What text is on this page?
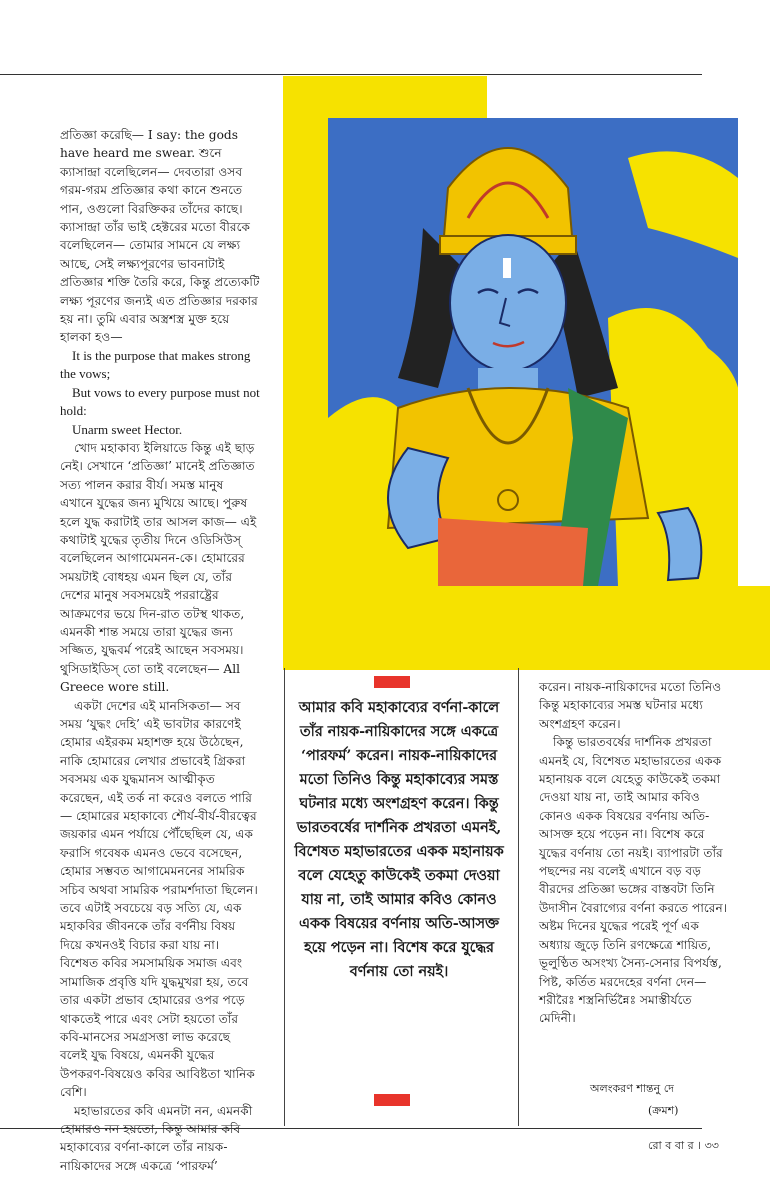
প্রতিজ্ঞা করেছি— I say: the gods have heard me swear. শুনে ক্যাসান্দ্রা বলেছিলেন— দেবতারা ওসব গরম-গরম প্রতিজ্ঞার কথা কানে শুনতে পান, ওগুলো বিরক্তিকর তাঁদের কাছে। ক্যাসান্দ্রা তাঁর ভাই হেক্টরের মতো বীরকে বলেছিলেন— তোমার সামনে যে লক্ষ্য আছে, সেই লক্ষ্যপূরণের ভাবনাটাই প্রতিজ্ঞার শক্তি তৈরি করে, কিন্তু প্রত্যেকটি লক্ষ্য পূরণের জন্যই এত প্রতিজ্ঞার দরকার হয় না। তুমি এবার অস্ত্রশস্ত্র মুক্ত হয়ে হালকা হও—

It is the purpose that makes strong the vows;

But vows to every purpose must not hold:

Unarm sweet Hector.

খোদ মহাকাব্য ইলিয়াডে কিন্তু এই ছাড় নেই। সেখানে ‘প্রতিজ্ঞা’ মানেই প্রতিজ্ঞাত সত্য পালন করার বীর্য। সমস্ত মানুষ এখানে যুদ্ধের জন্য মুখিয়ে আছে। পুরুষ হলে যুদ্ধ করাটাই তার আসল কাজ— এই কথাটাই যুদ্ধের তৃতীয় দিনে ওডিসিউস্ বলেছিলেন আগামেমনন-কে। হোমারের সময়টাই বোধহয় এমন ছিল যে, তাঁর দেশের মানুষ সবসময়েই পররাষ্ট্রের আক্রমণের ভয়ে দিন-রাত তটস্থ থাকত, এমনকী শান্ত সময়ে তারা যুদ্ধের জন্য সজ্জিত, যুদ্ধবর্ম পরেই আছেন সবসময়। থুসিডাইডিস্ তো তাই বলেছেন— All Greece wore still.

একটা দেশের এই মানসিকতা— সব সময় ‘যুদ্ধং দেহি’ এই ভাবটার কারণেই হোমার এইরকম মহাশক্ত হয়ে উঠেছেন, নাকি হোমারের লেখার প্রভাবেই গ্রিকরা সবসময় এক যুদ্ধমানস আত্মীকৃত করেছেন, এই তর্ক না করেও বলতে পারি— হোমারের মহাকাব্যে শৌর্য-বীর্য-বীরত্বের জয়কার এমন পর্যায়ে পৌঁছেছিল যে, এক ফরাসি গবেষক এমনও ভেবে বসেছেন, হোমার সম্ভবত আগামেমননের সামরিক সচিব অথবা সামরিক পরামর্শদাতা ছিলেন। তবে এটাই সবচেয়ে বড় সত্যি যে, এক মহাকবির জীবনকে তাঁর বর্ণনীয় বিষয় দিয়ে কখনওই বিচার করা যায় না। বিশেষত কবির সমসাময়িক সমাজ এবং সামাজিক প্রবৃত্তি যদি যুদ্ধমুখরা হয়, তবে তার একটা প্রভাব হোমারের ওপর পড়ে থাকতেই পারে এবং সেটা হয়তো তাঁর কবি-মানসের সমগ্রসত্তা লাভ করেছে বলেই যুদ্ধ বিষয়ে, এমনকী যুদ্ধের উপকরণ-বিষয়েও কবির আবিষ্টতা খানিক বেশি।

মহাভারতের কবি এমনটা নন, এমনকী মহাকাব্যের বর্ণনা-কালে তাঁর নায়ক-নায়িকাদের সঙ্গে একত্রে ‘পারফর্ম’

আমার কবি মহাকাব্যের বর্ণনা-কালে তাঁর নায়ক-নায়িকাদের সঙ্গে একত্রে ‘পারফর্ম’ করেন। নায়ক-নায়িকাদের মতো তিনিও কিন্তু মহাকাব্যের সমস্ত ঘটনার মধ্যে অংশগ্রহণ করেন। কিন্তু ভারতবর্ষের দার্শনিক প্রখরতা এমনই, বিশেষত মহাভারতের একক মহানায়ক বলে যেহেতু কাউকেই তকমা দেওয়া যায় না, তাই আমার কবিও কোনও একক বিষয়ের বর্ণনায় অতি-আসক্ত হয়ে পড়েন না। বিশেষ করে যুদ্ধের বর্ণনায় তো নয়ই।

করেন। নায়ক-নায়িকাদের মতো তিনিও কিন্তু মহাকাব্যের সমস্ত ঘটনার মধ্যে অংশগ্রহণ করেন।

কিন্তু ভারতবর্ষের দার্শনিক প্রখরতা এমনই যে, বিশেষত মহাভারতের একক মহানায়ক বলে যেহেতু কাউকেই তকমা দেওয়া যায় না, তাই আমার কবিও কোনও একক বিষয়ের বর্ণনায় অতি-আসক্ত হয়ে পড়েন না। বিশেষ করে যুদ্ধের বর্ণনায় তো নয়ই। ব্যাপারটা তাঁর পছন্দের নয় বলেই এখানে বড় বড় বীরদের প্রতিজ্ঞা ভঙ্গের বাস্তবটা তিনি উদাসীন বৈরাগ্যের বর্ণনা করতে পারেন। অষ্টম দিনের যুদ্ধের পরেই পূর্ণ এক অধ্যায় জুড়ে তিনি রণক্ষেত্রে শায়িত, ভূলুণ্ঠিত অসংখ্য সৈন্য-সেনার বিপর্যস্ত, পিষ্ট, কর্তিত মরদেহের বর্ণনা দেন— শরীরৈঃ শস্ত্রনির্ভিন্নৈঃ সমাস্তীর্যতে মেদিনী।

অলংকরণ শান্তনু দে
(ক্রমশ)
রো ব বা র । ৩৩
